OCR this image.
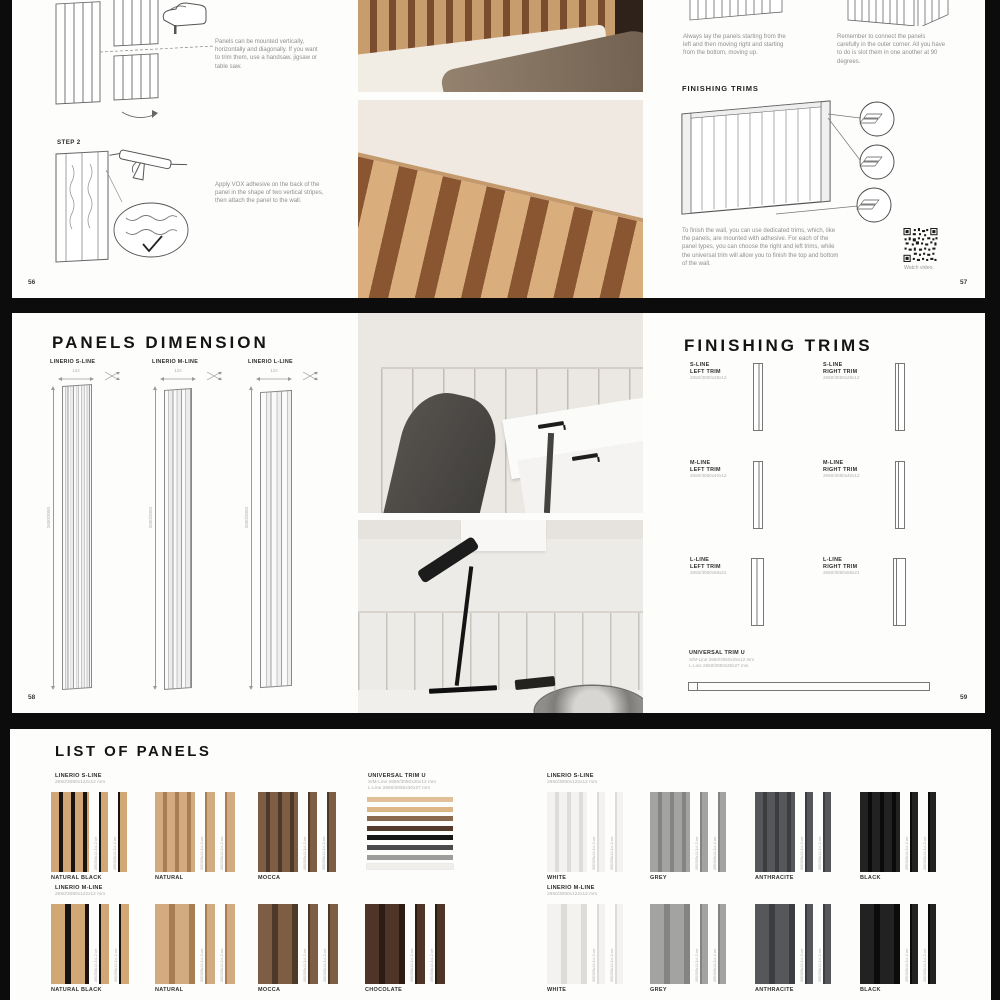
Panels can be mounted vertically, horizontally and diagonally. If you want to trim them, use a handsaw, jigsaw or table saw.
STEP 2
Apply VOX adhesive on the back of the panel in the shape of two vertical stripes, then attach the panel to the wall.
56
Always lay the panels starting from the left and then moving right and starting from the bottom, moving up.
Remember to connect the panels carefully in the outer corner. All you have to do is slot them in one another at 90 degrees.
FINISHING TRIMS
To finish the wall, you can use dedicated trims, which, like the panels, are mounted with adhesive. For each of the panel types, you can choose the right and left trims, while the universal trim will allow you to finish the top and bottom of the wall.
Watch video.
57
PANELS DIMENSION
LINERIO S-LINE
122
2650/3050
LINERIO M-LINE
122
2650/3050
LINERIO L-LINE
122
2650/3050
58
FINISHING TRIMS
S-LINE
LEFT TRIM
2650/3050x28x12
S-LINE
RIGHT TRIM
2650/3050x28x12
M-LINE
LEFT TRIM
2650/3050x40x12
M-LINE
RIGHT TRIM
2650/3050x40x12
L-LINE
LEFT TRIM
2650/3050x56x21
L-LINE
RIGHT TRIM
2650/3050x56x21
UNIVERSAL TRIM U
S/M-Line 2650/3050x25x12 mm
L-Line 2650/3050x30x27 mm
59
LIST OF PANELS
LINERIO S-LINE
2650/3050x122x12 mm
UNIVERSAL TRIM U
S/M-Line 2650/3050x25x12 mm
L-Line 2650/3050x30x27 mm
LINERIO S-LINE
2650/3050x122x12 mm
265/305x12.2x1.2 cm	265/305x12.2x1.2 cm
NATURAL BLACK
265/305x12.2x1.2 cm	265/305x12.2x1.2 cm
NATURAL
265/305x12.2x1.2 cm	265/305x12.2x1.2 cm
MOCCA
265/305x12.2x1.2 cm	265/305x12.2x1.2 cm
WHITE
265/305x12.2x1.2 cm	265/305x12.2x1.2 cm
GREY
265/305x12.2x1.2 cm	265/305x12.2x1.2 cm
ANTHRACITE
265/305x12.2x1.2 cm	265/305x12.2x1.2 cm
BLACK
LINERIO M-LINE
2650/3050x122x12 mm
LINERIO M-LINE
2650/3050x122x12 mm
265/305x12.2x1.2 cm	265/305x12.2x1.2 cm
NATURAL BLACK
265/305x12.2x1.2 cm	265/305x12.2x1.2 cm
NATURAL
265/305x12.2x1.2 cm	265/305x12.2x1.2 cm
MOCCA
265/305x12.2x1.2 cm	265/305x12.2x1.2 cm
CHOCOLATE
265/305x12.2x1.2 cm	265/305x12.2x1.2 cm
WHITE
265/305x12.2x1.2 cm	265/305x12.2x1.2 cm
GREY
265/305x12.2x1.2 cm	265/305x12.2x1.2 cm
ANTHRACITE
265/305x12.2x1.2 cm	265/305x12.2x1.2 cm
BLACK
